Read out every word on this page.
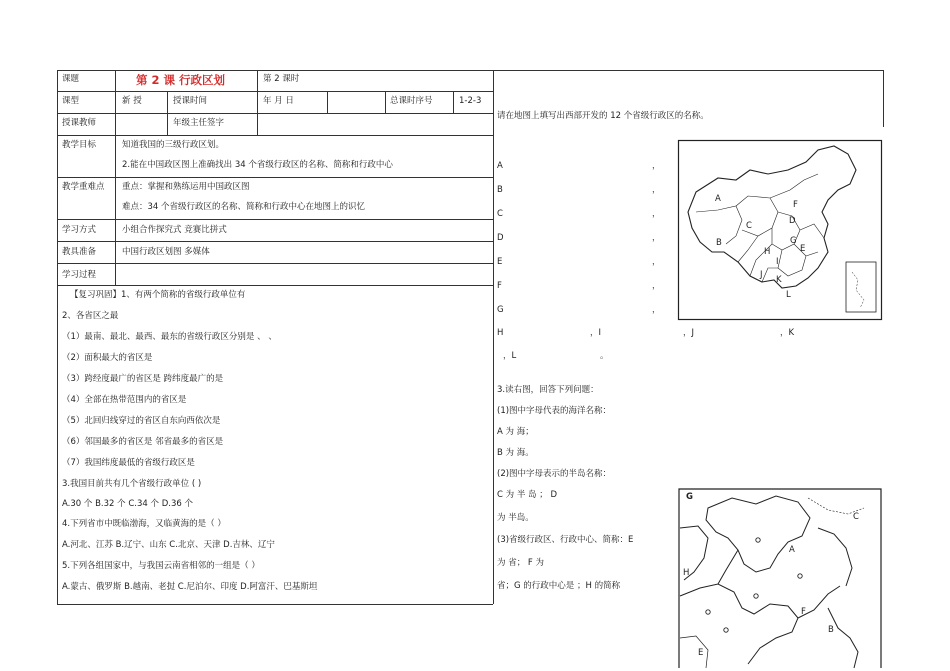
课题	第 2 课 行政区划	第 2 课时
课型	新 授	授课时间	年 月 日	总课时序号	1-2-3
授课教师	年级主任签字
教学目标	知道我国的三级行政区划。
2.能在中国政区图上准确找出 34 个省级行政区的名称、简称和行政中心
教学重难点 重点：掌握和熟练运用中国政区图
难点：34 个省级行政区的名称、简称和行政中心在地图上的识忆
学习方式	小组合作探究式 竞赛比拼式
教具准备	中国行政区划图 多媒体
学习过程
【复习巩固】1、有两个简称的省级行政单位有
2、各省区之最
（1）最南、最北、最西、最东的省级行政区分别是 、 、
（2）面积最大的省区是
（3）跨经度最广的省区是 跨纬度最广的是
（4）全部在热带范围内的省区是
（5）北回归线穿过的省区自东向西依次是
（6）邻国最多的省区是 邻省最多的省区是
（7）我国纬度最低的省级行政区是
3.我国目前共有几个省级行政单位 ( )
A.30 个 B.32 个 C.34 个 D.36 个
4.下列省市中既临渤海，又临黄海的是（ ）
A.河北、江苏 B.辽宁、山东 C.北京、天津 D.吉林、辽宁
5.下列各组国家中，与我国云南省相邻的一组是（ ）
A.蒙古、俄罗斯 B.越南、老挝 C.尼泊尔、印度 D.阿富汗、巴基斯坦
请在地图上填写出西部开发的 12 个省级行政区的名称。
A	，
B	，
C	，
D	，
E	，
F	，
G	，
H	，I	，J	，K
，L	。
3.读右图，回答下列问题：
(1)图中字母代表的海洋名称：
A 为 海；
B 为 海。
(2)图中字母表示的半岛名称：
C 为 半 岛 ； D
为 半岛。
(3)省级行政区、行政中心、简称：E
为 省； F 为
省；G 的行政中心是 ；H 的简称
A
B
C	D
F
G
H
I
J K
L
E
G
C
A
H
F
B
E
